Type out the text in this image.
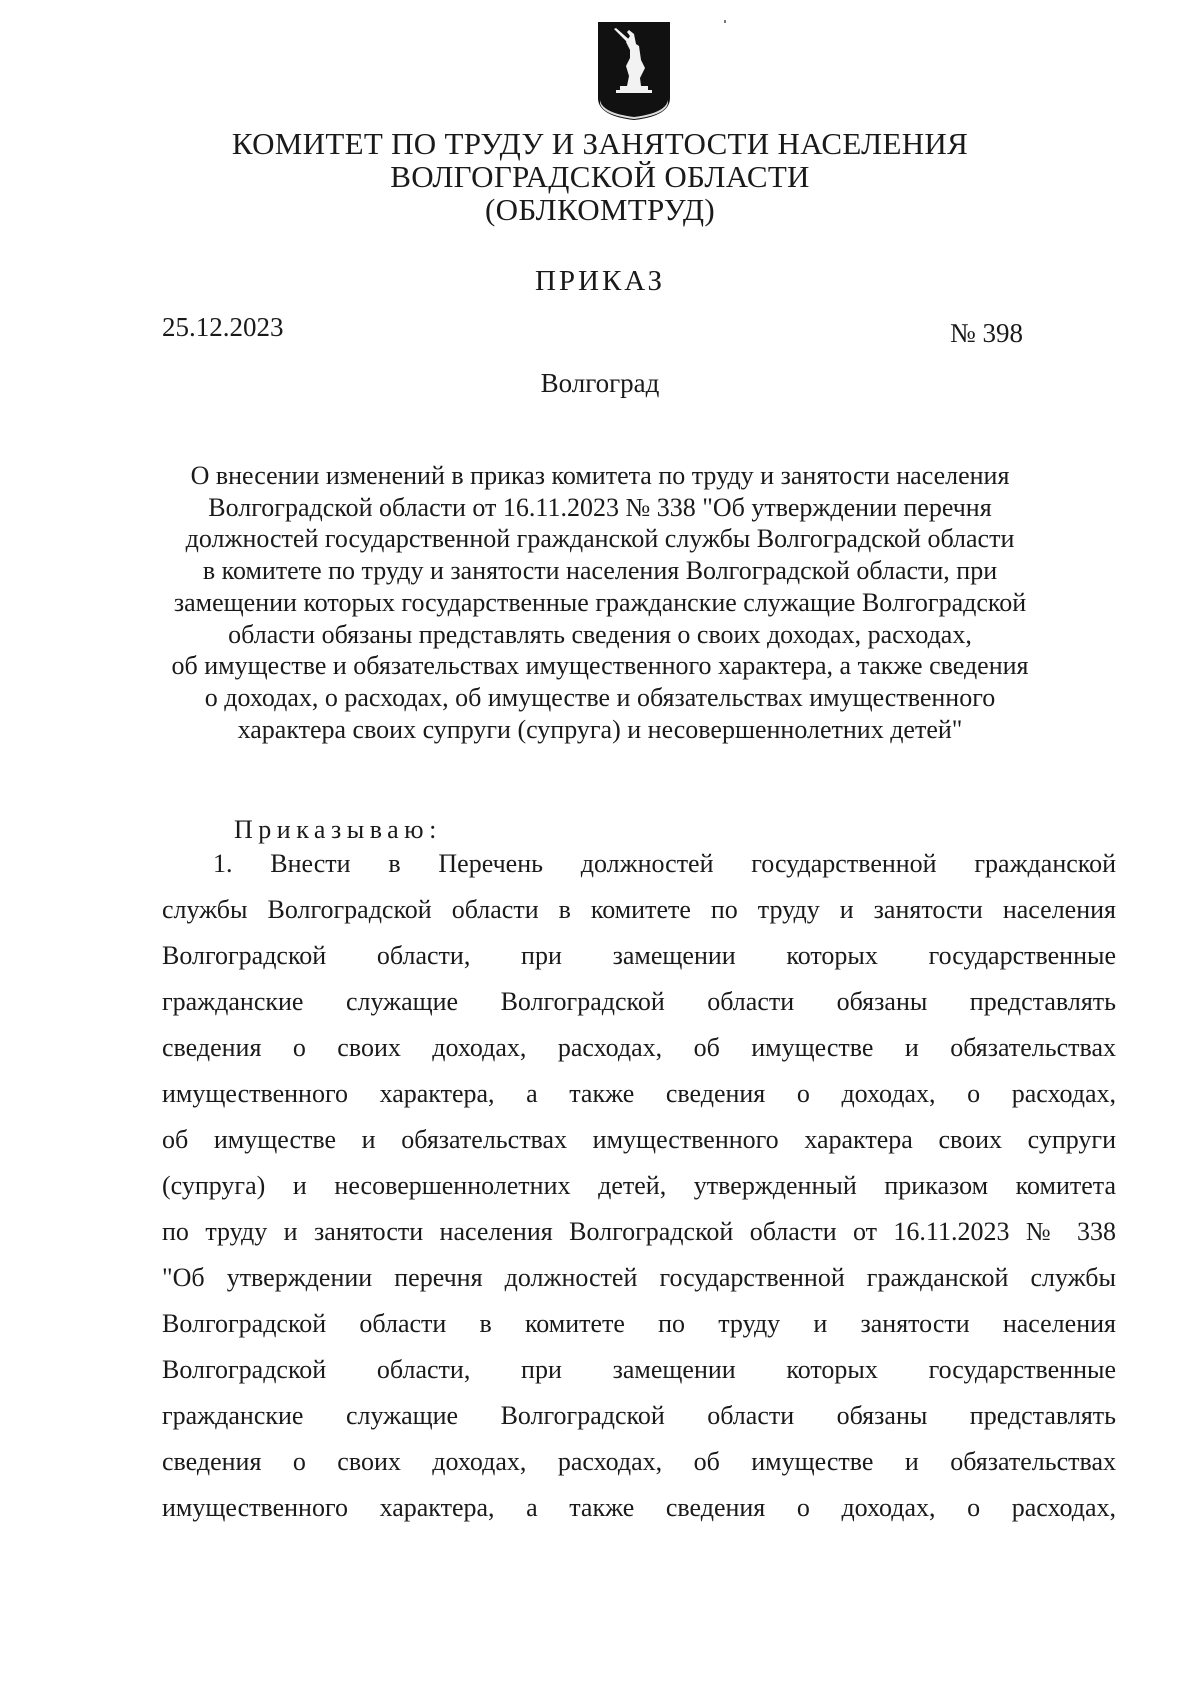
КОМИТЕТ ПО ТРУДУ И ЗАНЯТОСТИ НАСЕЛЕНИЯ
ВОЛГОГРАДСКОЙ ОБЛАСТИ
(ОБЛКОМТРУД)
ПРИКАЗ
25.12.2023	№ 398
Волгоград
О внесении изменений в приказ комитета по труду и занятости населения
Волгоградской области от 16.11.2023 № 338 "Об утверждении перечня
должностей государственной гражданской службы Волгоградской области
в комитете по труду и занятости населения Волгоградской области, при
замещении которых государственные гражданские служащие Волгоградской
области обязаны представлять сведения о своих доходах, расходах,
об имуществе и обязательствах имущественного характера, а также сведения
о доходах, о расходах, об имуществе и обязательствах имущественного
характера своих супруги (супруга) и несовершеннолетних детей"
Приказываю:
1. Внести в Перечень должностей государственной гражданской
службы Волгоградской области в комитете по труду и занятости населения
Волгоградской области, при замещении которых государственные
гражданские служащие Волгоградской области обязаны представлять
сведения о своих доходах, расходах, об имуществе и обязательствах
имущественного характера, а также сведения о доходах, о расходах,
об имуществе и обязательствах имущественного характера своих супруги
(супруга) и несовершеннолетних детей, утвержденный приказом комитета
по труду и занятости населения Волгоградской области от 16.11.2023 № 338
"Об утверждении перечня должностей государственной гражданской службы
Волгоградской области в комитете по труду и занятости населения
Волгоградской области, при замещении которых государственные
гражданские служащие Волгоградской области обязаны представлять
сведения о своих доходах, расходах, об имуществе и обязательствах
имущественного характера, а также сведения о доходах, о расходах,
